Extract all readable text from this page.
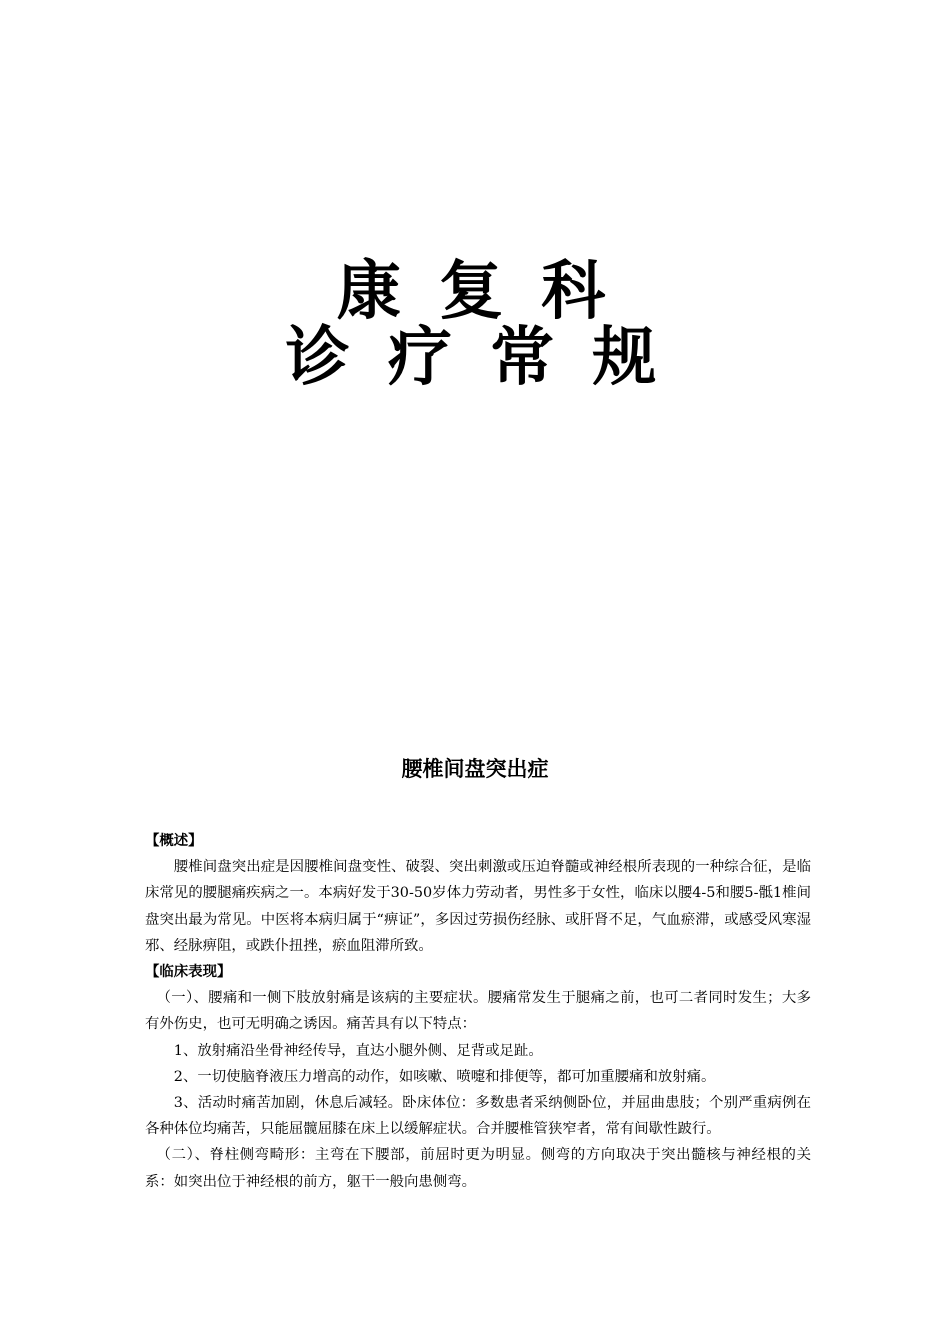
康 复 科
诊 疗 常 规
腰椎间盘突出症

【概述】

腰椎间盘突出症是因腰椎间盘变性、破裂、突出刺激或压迫脊髓或神经根所表现的一种综合征，是临床常见的腰腿痛疾病之一。本病好发于30-50岁体力劳动者，男性多于女性，临床以腰4-5和腰5-骶1椎间盘突出最为常见。中医将本病归属于“痹证”，多因过劳损伤经脉、或肝肾不足，气血瘀滞，或感受风寒湿邪、经脉痹阻，或跌仆扭挫，瘀血阻滞所致。

【临床表现】

（一）、腰痛和一侧下肢放射痛是该病的主要症状。腰痛常发生于腿痛之前，也可二者同时发生；大多有外伤史，也可无明确之诱因。痛苦具有以下特点：

1、放射痛沿坐骨神经传导，直达小腿外侧、足背或足趾。

2、一切使脑脊液压力增高的动作，如咳嗽、喷嚏和排便等，都可加重腰痛和放射痛。

3、活动时痛苦加剧，休息后减轻。卧床体位：多数患者采纳侧卧位，并屈曲患肢；个别严重病例在各种体位均痛苦，只能屈髋屈膝在床上以缓解症状。合并腰椎管狭窄者，常有间歇性跛行。

（二）、脊柱侧弯畸形：主弯在下腰部，前屈时更为明显。侧弯的方向取决于突出髓核与神经根的关系：如突出位于神经根的前方，躯干一般向患侧弯。
